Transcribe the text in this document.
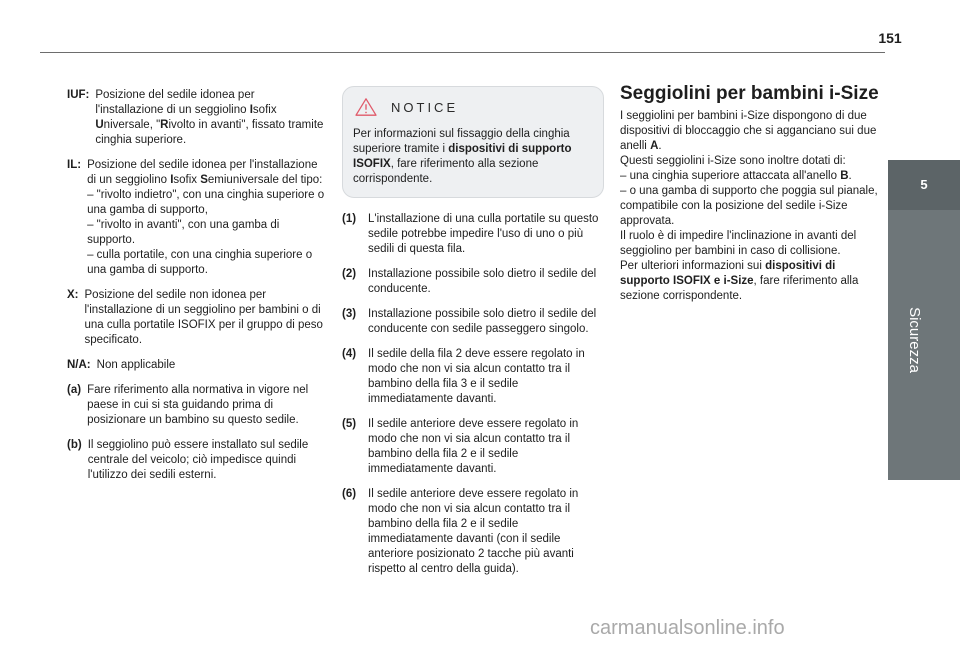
151
5
Sicurezza
IUF: Posizione del sedile idonea per l'installazione di un seggiolino Isofix Universale, "Rivolto in avanti", fissato tramite cinghia superiore.
IL: Posizione del sedile idonea per l'installazione di un seggiolino Isofix Semiuniversale del tipo:
– "rivolto indietro", con una cinghia superiore o una gamba di supporto,
– "rivolto in avanti", con una gamba di supporto.
– culla portatile, con una cinghia superiore o una gamba di supporto.
X: Posizione del sedile non idonea per l'installazione di un seggiolino per bambini o di una culla portatile ISOFIX per il gruppo di peso specificato.
N/A: Non applicabile
(a) Fare riferimento alla normativa in vigore nel paese in cui si sta guidando prima di posizionare un bambino su questo sedile.
(b) Il seggiolino può essere installato sul sedile centrale del veicolo; ciò impedisce quindi l'utilizzo dei sedili esterni.
NOTICE
Per informazioni sul fissaggio della cinghia superiore tramite i dispositivi di supporto ISOFIX, fare riferimento alla sezione corrispondente.
(1)	L'installazione di una culla portatile su questo sedile potrebbe impedire l'uso di uno o più sedili di questa fila.
(2)	Installazione possibile solo dietro il sedile del conducente.
(3)	Installazione possibile solo dietro il sedile del conducente con sedile passeggero singolo.
(4)	Il sedile della fila 2 deve essere regolato in modo che non vi sia alcun contatto tra il bambino della fila 3 e il sedile immediatamente davanti.
(5)	Il sedile anteriore deve essere regolato in modo che non vi sia alcun contatto tra il bambino della fila 2 e il sedile immediatamente davanti.
(6)	Il sedile anteriore deve essere regolato in modo che non vi sia alcun contatto tra il bambino della fila 2 e il sedile immediatamente davanti (con il sedile anteriore posizionato 2 tacche più avanti rispetto al centro della guida).
Seggiolini per bambini i-Size
I seggiolini per bambini i-Size dispongono di due dispositivi di bloccaggio che si agganciano sui due anelli A.
Questi seggiolini i-Size sono inoltre dotati di:
– una cinghia superiore attaccata all'anello B.
– o una gamba di supporto che poggia sul pianale, compatibile con la posizione del sedile i-Size approvata.
Il ruolo è di impedire l'inclinazione in avanti del seggiolino per bambini in caso di collisione.
Per ulteriori informazioni sui dispositivi di supporto ISOFIX e i-Size, fare riferimento alla sezione corrispondente.
carmanualsonline.info
